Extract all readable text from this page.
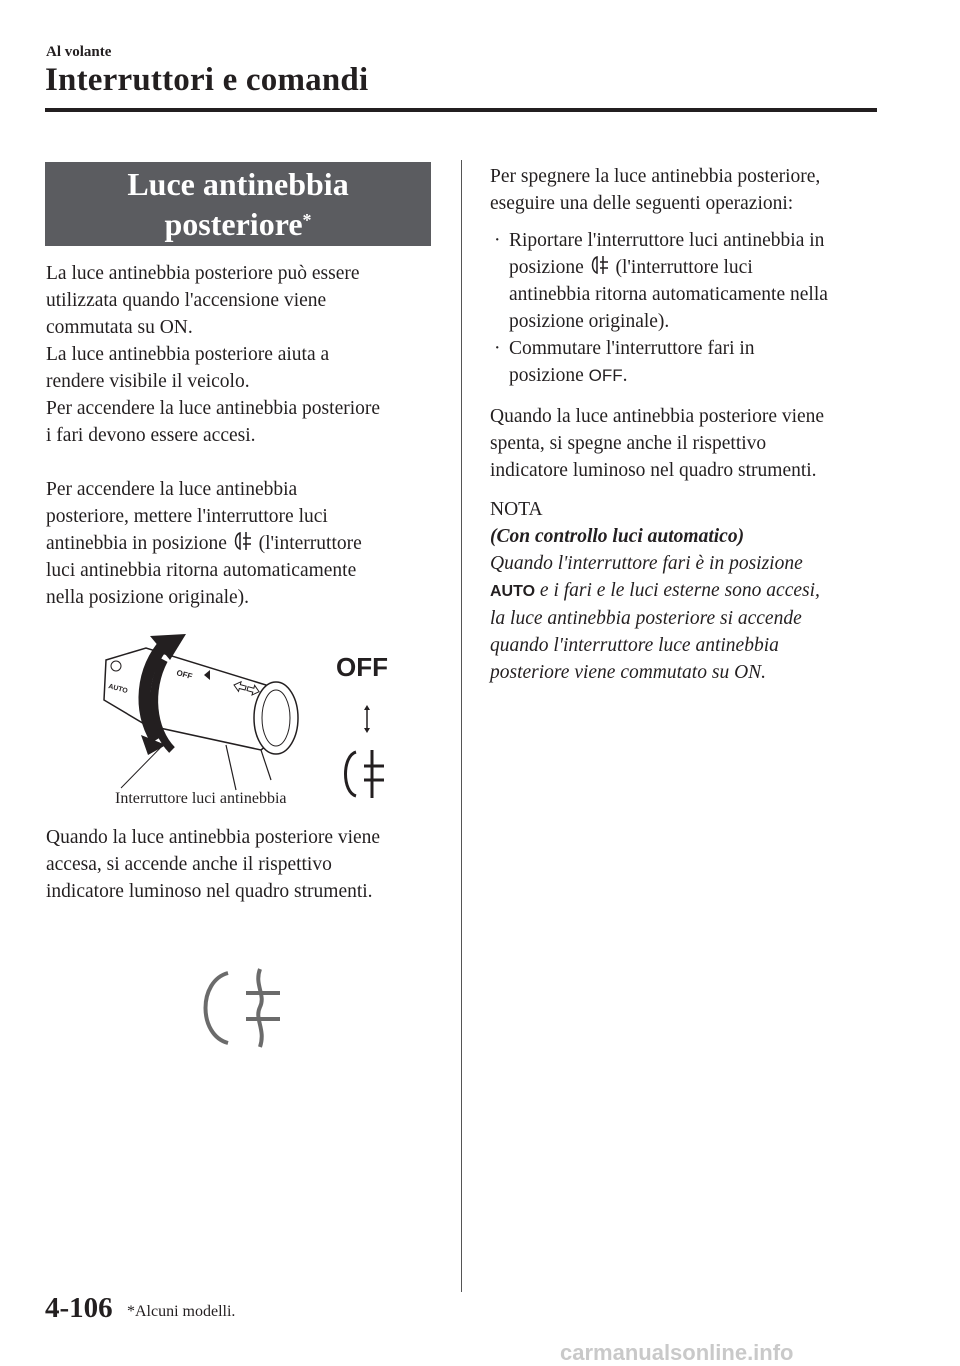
Al volante
Interruttori e comandi
Luce antinebbia
posteriore*

La luce antinebbia posteriore può essere
utilizzata quando l'accensione viene
commutata su ON.

La luce antinebbia posteriore aiuta a
rendere visibile il veicolo.

Per accendere la luce antinebbia posteriore
i fari devono essere accesi.

Per accendere la luce antinebbia
posteriore, mettere l'interruttore luci
antinebbia in posizione (l'interruttore
luci antinebbia ritorna automaticamente
nella posizione originale).

OFF
AUTO
OFF
Interruttore luci antinebbia
Quando la luce antinebbia posteriore viene
accesa, si accende anche il rispettivo
indicatore luminoso nel quadro strumenti.

Per spegnere la luce antinebbia posteriore,
eseguire una delle seguenti operazioni:

· Riportare l'interruttore luci antinebbia in
posizione (l'interruttore luci
antinebbia ritorna automaticamente nella
posizione originale).
· Commutare l'interruttore fari in
posizione OFF.

Quando la luce antinebbia posteriore viene
spenta, si spegne anche il rispettivo
indicatore luminoso nel quadro strumenti.

NOTA
(Con controllo luci automatico)
Quando l'interruttore fari è in posizione
AUTO e i fari e le luci esterne sono accesi,
la luce antinebbia posteriore si accende
quando l'interruttore luce antinebbia
posteriore viene commutato su ON.
4-106 *Alcuni modelli.
carmanualsonline.info
